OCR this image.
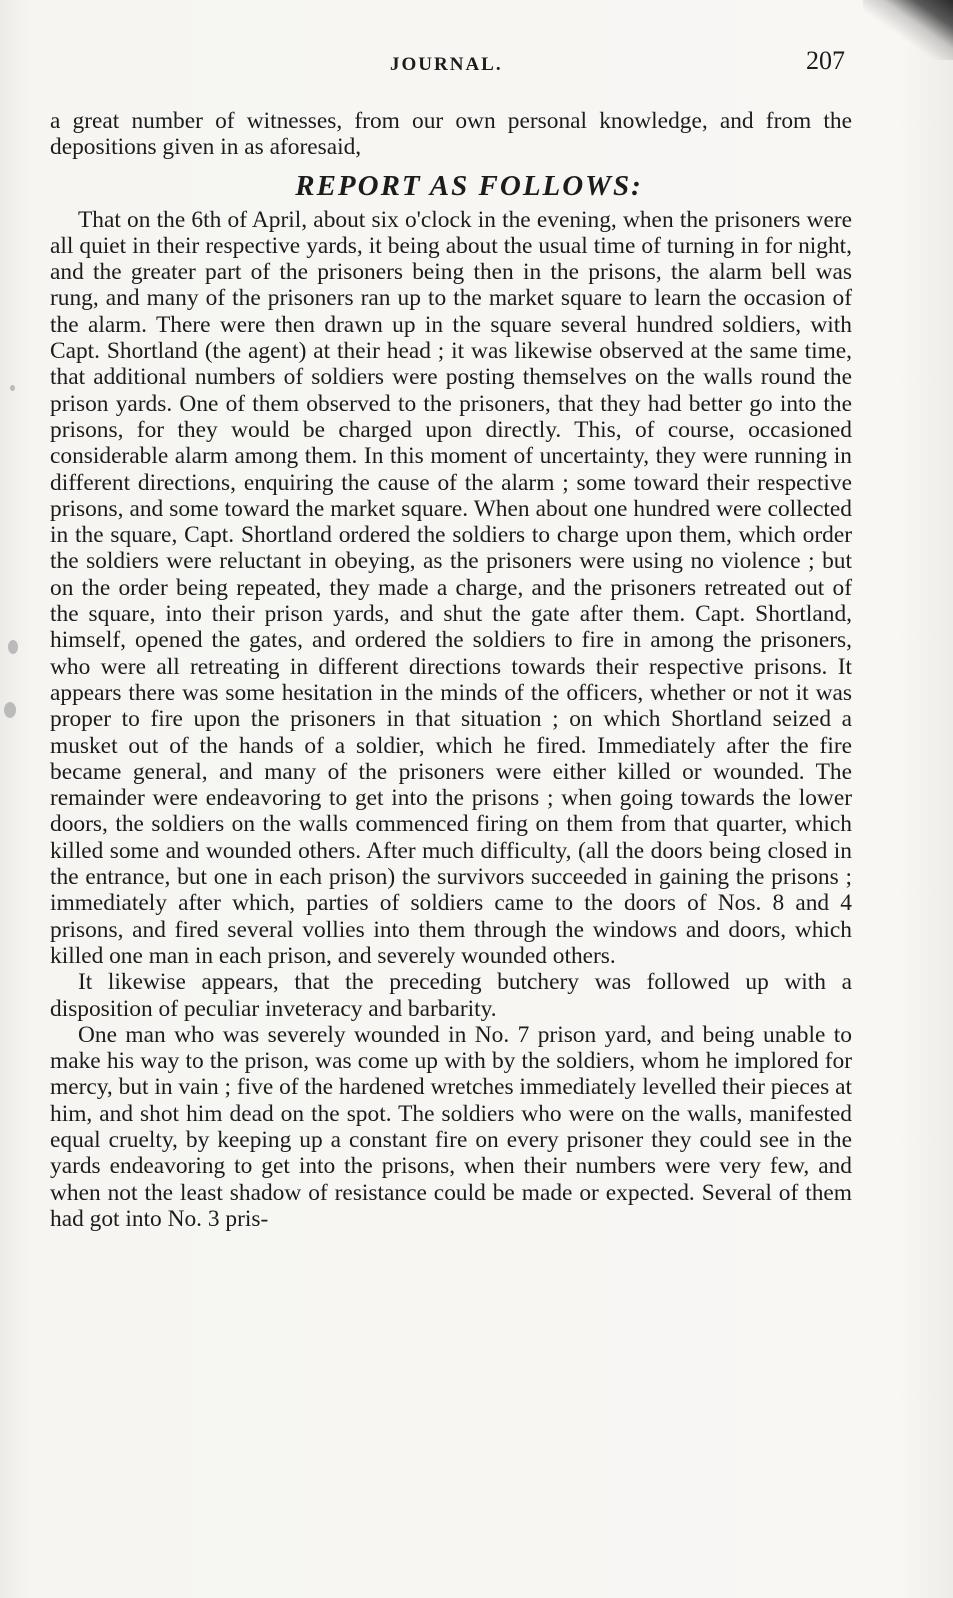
JOURNAL.	207

a great number of witnesses, from our own personal knowledge, and from the depositions given in as aforesaid,

REPORT AS FOLLOWS:

That on the 6th of April, about six o'clock in the evening, when the prisoners were all quiet in their respective yards, it being about the usual time of turning in for night, and the greater part of the prisoners being then in the prisons, the alarm bell was rung, and many of the prisoners ran up to the market square to learn the occasion of the alarm. There were then drawn up in the square several hundred soldiers, with Capt. Shortland (the agent) at their head ; it was likewise observed at the same time, that additional numbers of soldiers were posting themselves on the walls round the prison yards. One of them observed to the prisoners, that they had better go into the prisons, for they would be charged upon directly. This, of course, occasioned considerable alarm among them. In this moment of uncertainty, they were running in different directions, enquiring the cause of the alarm ; some toward their respective prisons, and some toward the market square. When about one hundred were collected in the square, Capt. Shortland ordered the soldiers to charge upon them, which order the soldiers were reluctant in obeying, as the prisoners were using no violence ; but on the order being repeated, they made a charge, and the prisoners retreated out of the square, into their prison yards, and shut the gate after them. Capt. Shortland, himself, opened the gates, and ordered the soldiers to fire in among the prisoners, who were all retreating in different directions towards their respective prisons. It appears there was some hesitation in the minds of the officers, whether or not it was proper to fire upon the prisoners in that situation ; on which Shortland seized a musket out of the hands of a soldier, which he fired. Immediately after the fire became general, and many of the prisoners were either killed or wounded. The remainder were endeavoring to get into the prisons ; when going towards the lower doors, the soldiers on the walls commenced firing on them from that quarter, which killed some and wounded others. After much difficulty, (all the doors being closed in the entrance, but one in each prison) the survivors succeeded in gaining the prisons ; immediately after which, parties of soldiers came to the doors of Nos. 8 and 4 prisons, and fired several vollies into them through the windows and doors, which killed one man in each prison, and severely wounded others.

It likewise appears, that the preceding butchery was followed up with a disposition of peculiar inveteracy and barbarity.

One man who was severely wounded in No. 7 prison yard, and being unable to make his way to the prison, was come up with by the soldiers, whom he implored for mercy, but in vain ; five of the hardened wretches immediately levelled their pieces at him, and shot him dead on the spot. The soldiers who were on the walls, manifested equal cruelty, by keeping up a constant fire on every prisoner they could see in the yards endeavoring to get into the prisons, when their numbers were very few, and when not the least shadow of resistance could be made or expected. Several of them had got into No. 3 pris-
